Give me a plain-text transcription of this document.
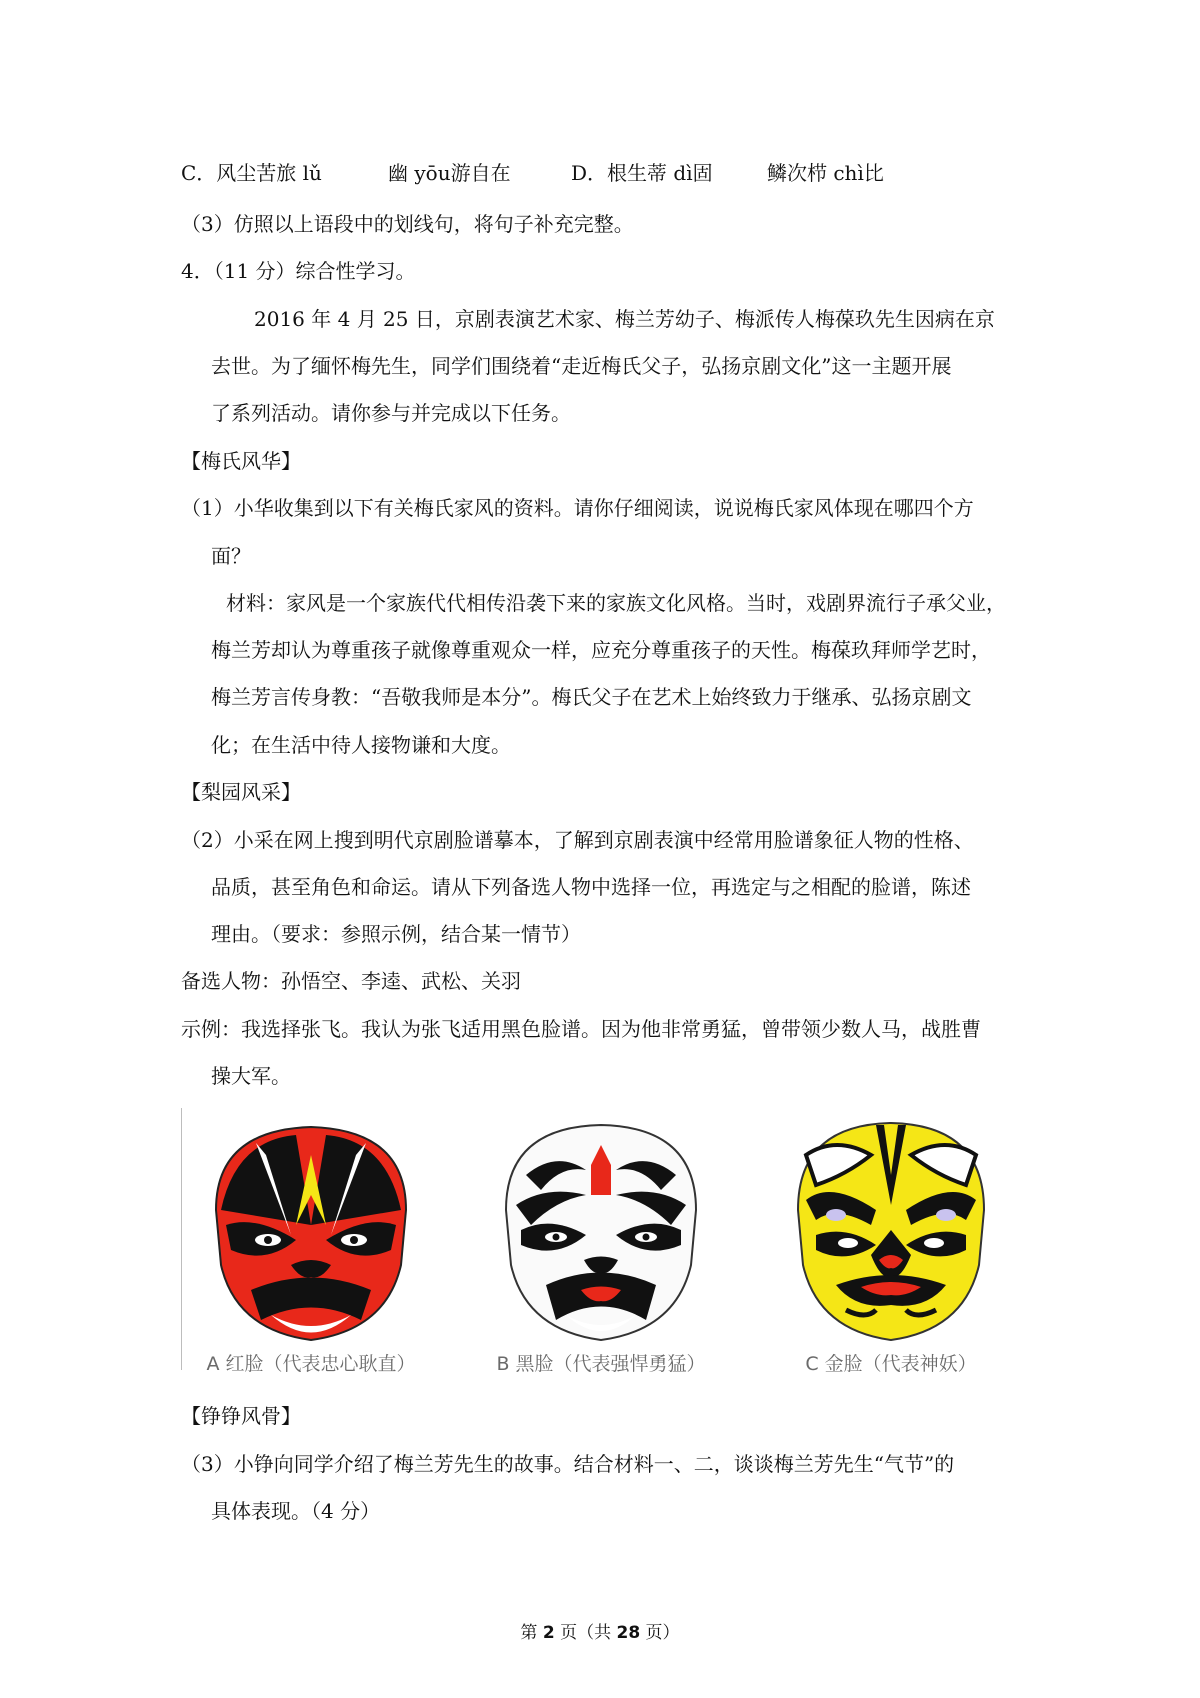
C．风尘苦旅 lǔ	幽 yōu游自在	D．根生蒂 dì固	鳞次栉 chì比
（3）仿照以上语段中的划线句，将句子补充完整。
4．（11 分）综合性学习。
2016 年 4 月 25 日，京剧表演艺术家、梅兰芳幼子、梅派传人梅葆玖先生因病在京
去世。为了缅怀梅先生，同学们围绕着“走近梅氏父子，弘扬京剧文化”这一主题开展
了系列活动。请你参与并完成以下任务。
【梅氏风华】
（1）小华收集到以下有关梅氏家风的资料。请你仔细阅读，说说梅氏家风体现在哪四个方
面？
材料：家风是一个家族代代相传沿袭下来的家族文化风格。当时，戏剧界流行子承父业，
梅兰芳却认为尊重孩子就像尊重观众一样，应充分尊重孩子的天性。梅葆玖拜师学艺时，
梅兰芳言传身教：“吾敬我师是本分”。梅氏父子在艺术上始终致力于继承、弘扬京剧文
化；在生活中待人接物谦和大度。
【梨园风采】
（2）小采在网上搜到明代京剧脸谱摹本，了解到京剧表演中经常用脸谱象征人物的性格、
品质，甚至角色和命运。请从下列备选人物中选择一位，再选定与之相配的脸谱，陈述
理由。（要求：参照示例，结合某一情节）
备选人物：孙悟空、李逵、武松、关羽
示例：我选择张飞。我认为张飞适用黑色脸谱。因为他非常勇猛，曾带领少数人马，战胜曹
操大军。
A 红脸（代表忠心耿直）	B 黑脸（代表强悍勇猛）	C 金脸（代表神妖）
【铮铮风骨】
（3）小铮向同学介绍了梅兰芳先生的故事。结合材料一、二，谈谈梅兰芳先生“气节”的
具体表现。（4 分）
第 2 页（共 28 页）
